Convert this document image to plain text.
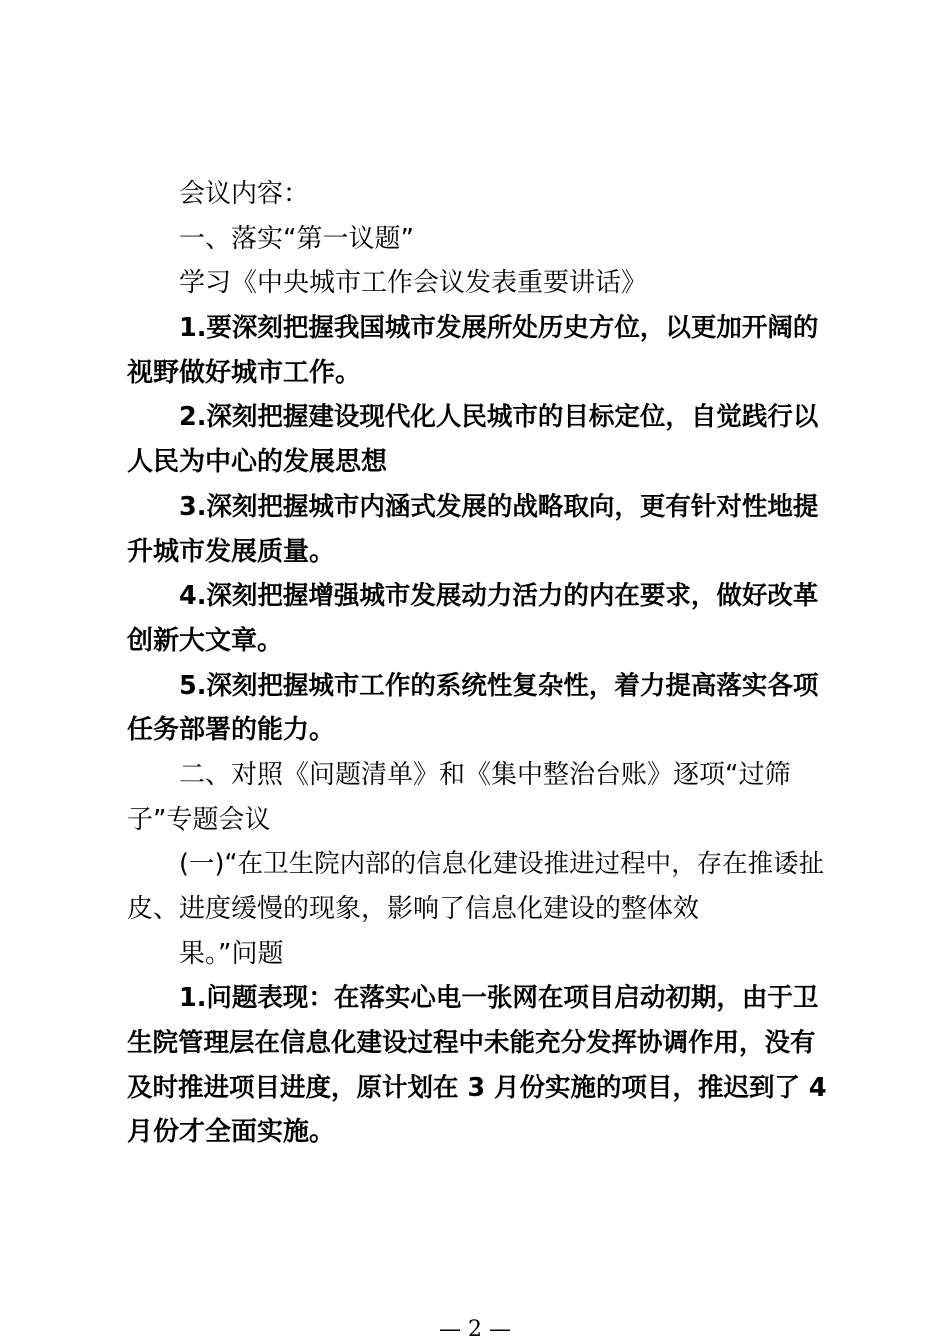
会议内容：
一、落实“第一议题”
学习《中央城市工作会议发表重要讲话》
1.要深刻把握我国城市发展所处历史方位，以更加开阔的
视野做好城市工作。
2.深刻把握建设现代化人民城市的目标定位，自觉践行以
人民为中心的发展思想
3.深刻把握城市内涵式发展的战略取向，更有针对性地提
升城市发展质量。
4.深刻把握增强城市发展动力活力的内在要求，做好改革
创新大文章。
5.深刻把握城市工作的系统性复杂性，着力提高落实各项
任务部署的能力。
二、对照《问题清单》和《集中整治台账》逐项“过筛
子”专题会议
(一)“在卫生院内部的信息化建设推进过程中，存在推诿扯
皮、进度缓慢的现象，影响了信息化建设的整体效
果。”问题
1.问题表现：在落实心电一张网在项目启动初期，由于卫
生院管理层在信息化建设过程中未能充分发挥协调作用，没有
及时推进项目进度，原计划在 3 月份实施的项目，推迟到了 4
月份才全面实施。
— 2 —
